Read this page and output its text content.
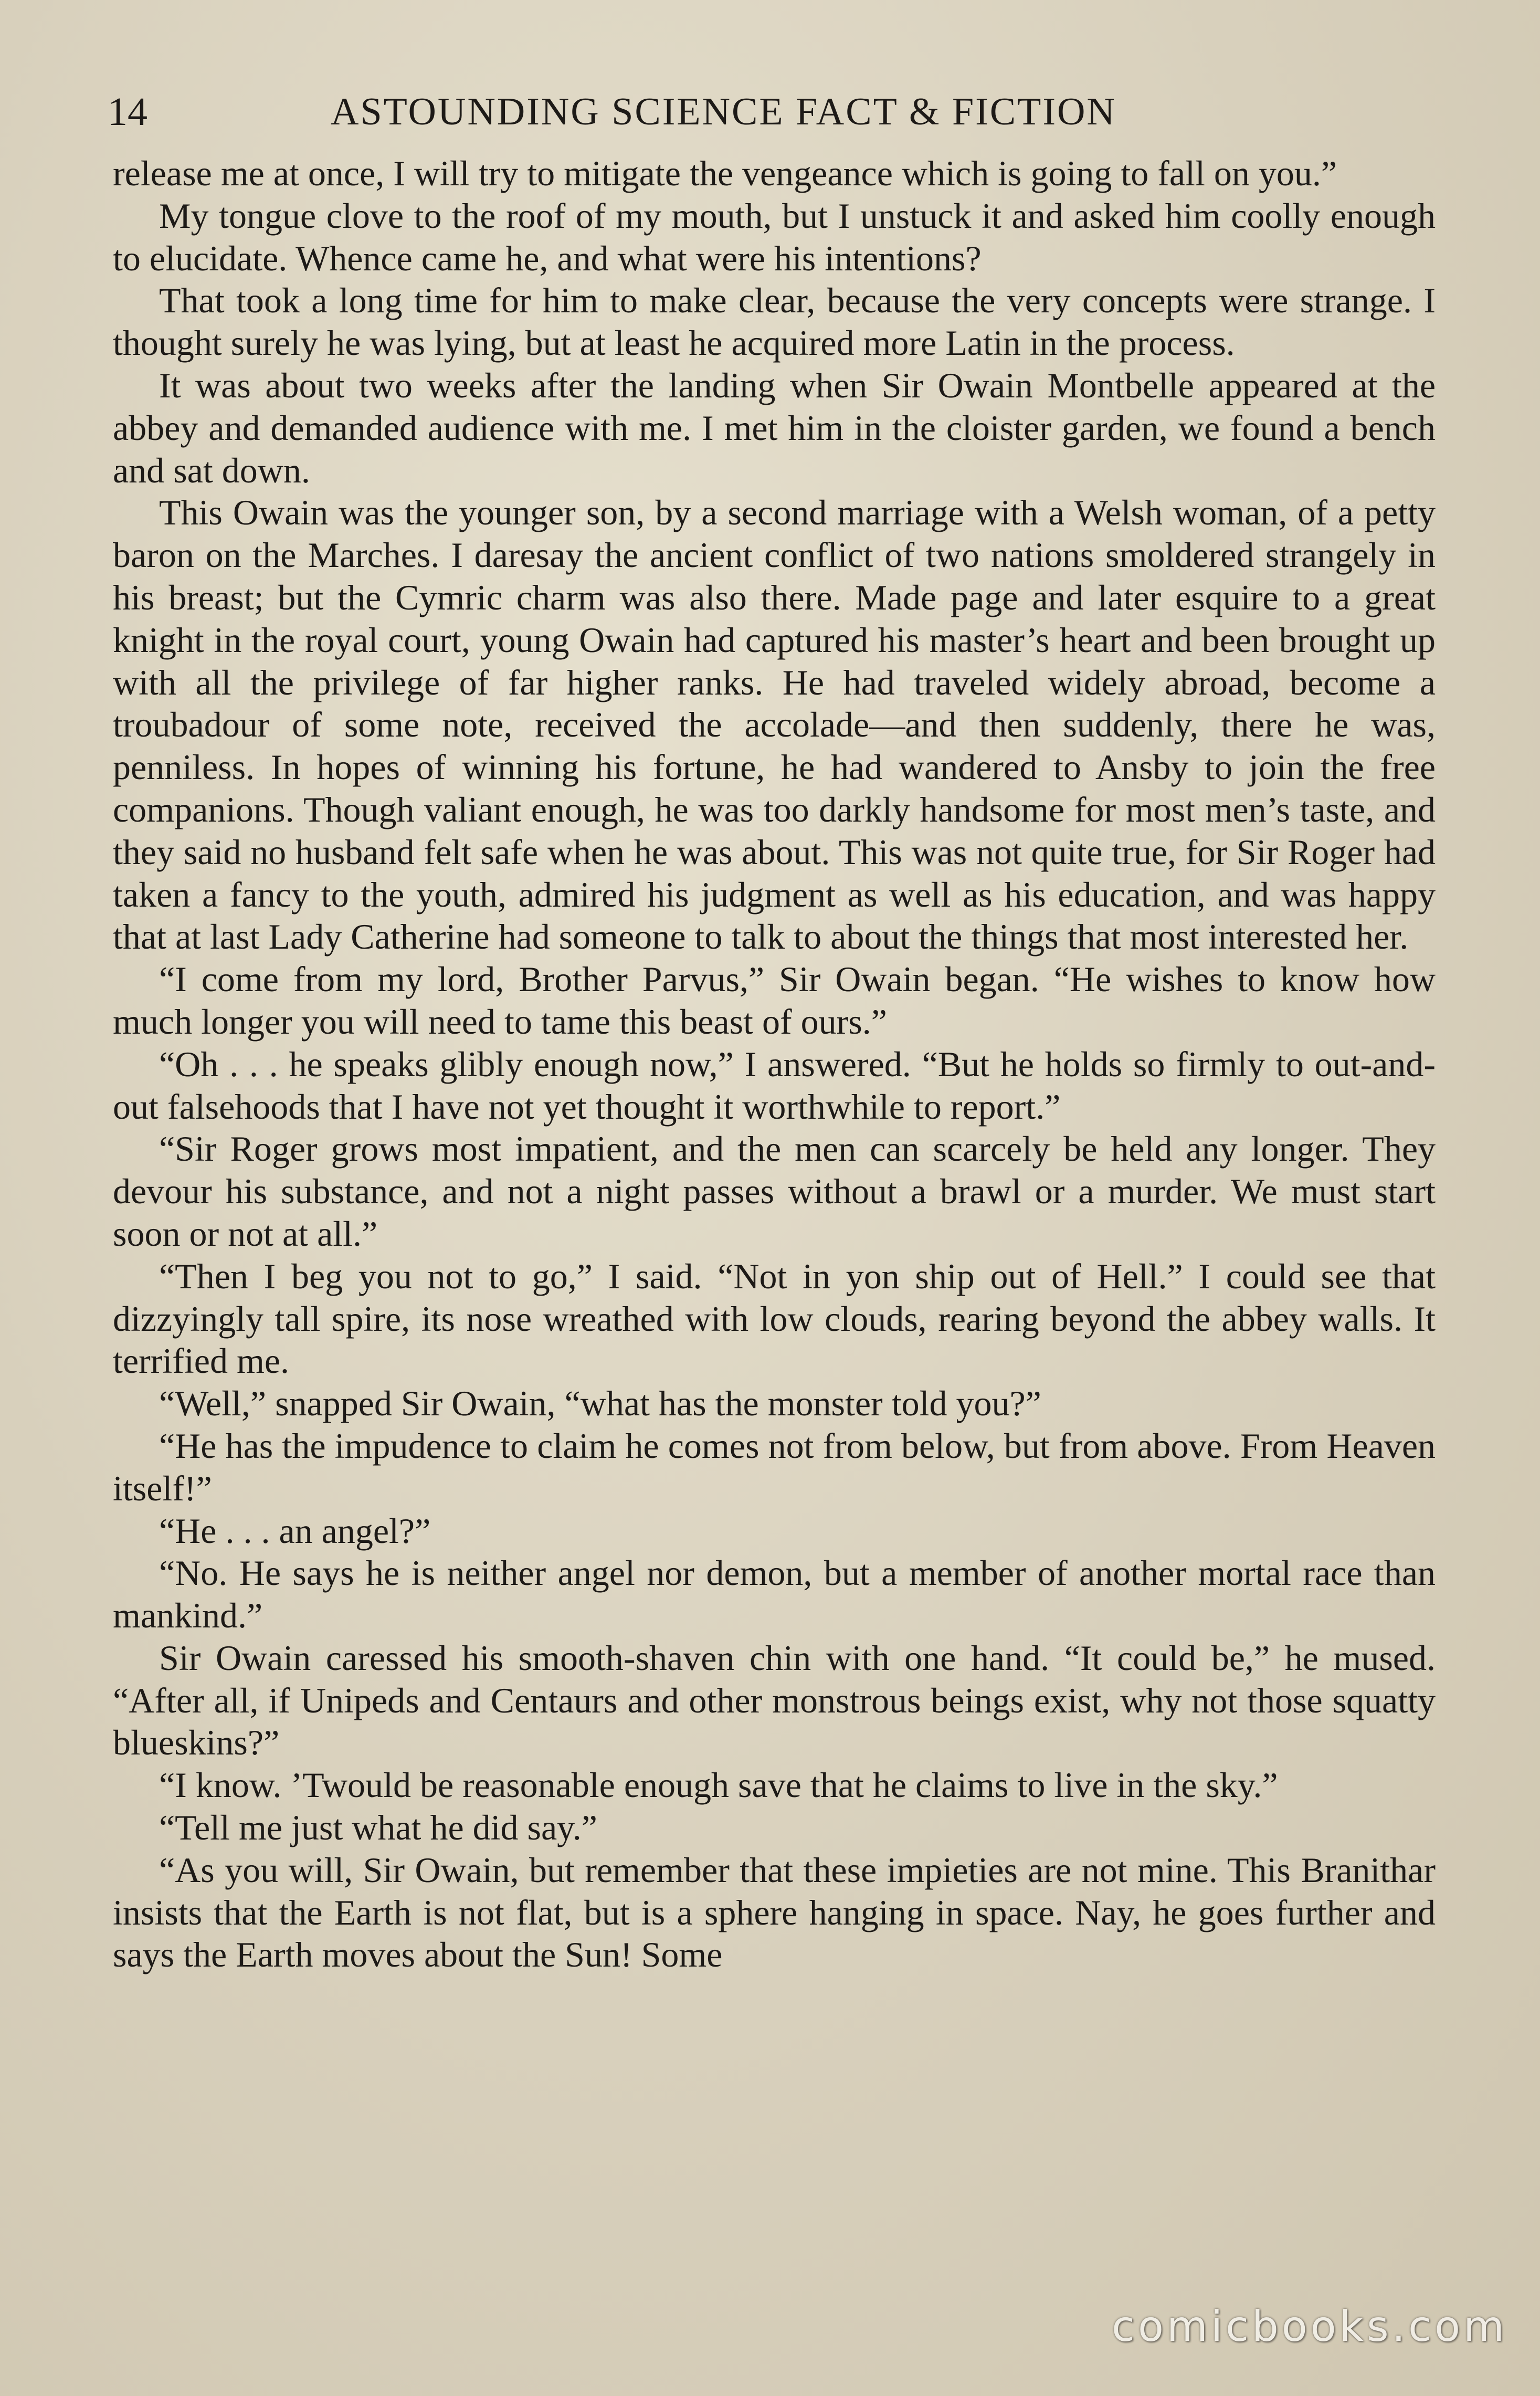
14	ASTOUNDING SCIENCE FACT & FICTION

release me at once, I will try to mitigate the vengeance which is going to fall on you.”

My tongue clove to the roof of my mouth, but I unstuck it and asked him coolly enough to elucidate. Whence came he, and what were his intentions?

That took a long time for him to make clear, because the very concepts were strange. I thought surely he was lying, but at least he acquired more Latin in the process.

It was about two weeks after the landing when Sir Owain Montbelle appeared at the abbey and demanded audience with me. I met him in the cloister garden, we found a bench and sat down.

This Owain was the younger son, by a second marriage with a Welsh woman, of a petty baron on the Marches. I daresay the ancient conflict of two nations smoldered strangely in his breast; but the Cymric charm was also there. Made page and later esquire to a great knight in the royal court, young Owain had captured his master’s heart and been brought up with all the privilege of far higher ranks. He had traveled widely abroad, become a troubadour of some note, received the accolade—and then suddenly, there he was, penniless. In hopes of winning his fortune, he had wandered to Ansby to join the free companions. Though valiant enough, he was too darkly handsome for most men’s taste, and they said no husband felt safe when he was about. This was not quite true, for Sir Roger had taken a fancy to the youth, admired his judgment as well as his education, and was happy that at last Lady Catherine had someone to talk to about the things that most interested her.

“I come from my lord, Brother Parvus,” Sir Owain began. “He wishes to know how much longer you will need to tame this beast of ours.”

“Oh . . . he speaks glibly enough now,” I answered. “But he holds so firmly to out-and-out falsehoods that I have not yet thought it worthwhile to report.”

“Sir Roger grows most impatient, and the men can scarcely be held any longer. They devour his substance, and not a night passes without a brawl or a murder. We must start soon or not at all.”

“Then I beg you not to go,” I said. “Not in yon ship out of Hell.” I could see that dizzyingly tall spire, its nose wreathed with low clouds, rearing beyond the abbey walls. It terrified me.

“Well,” snapped Sir Owain, “what has the monster told you?”

“He has the impudence to claim he comes not from below, but from above. From Heaven itself!”

“He . . . an angel?”

“No. He says he is neither angel nor demon, but a member of another mortal race than mankind.”

Sir Owain caressed his smooth-shaven chin with one hand. “It could be,” he mused. “After all, if Unipeds and Centaurs and other monstrous beings exist, why not those squatty blueskins?”

“I know. ’Twould be reasonable enough save that he claims to live in the sky.”

“Tell me just what he did say.”

“As you will, Sir Owain, but remember that these impieties are not mine. This Branithar insists that the Earth is not flat, but is a sphere hanging in space. Nay, he goes further and says the Earth moves about the Sun! Some

comicbooks.com
